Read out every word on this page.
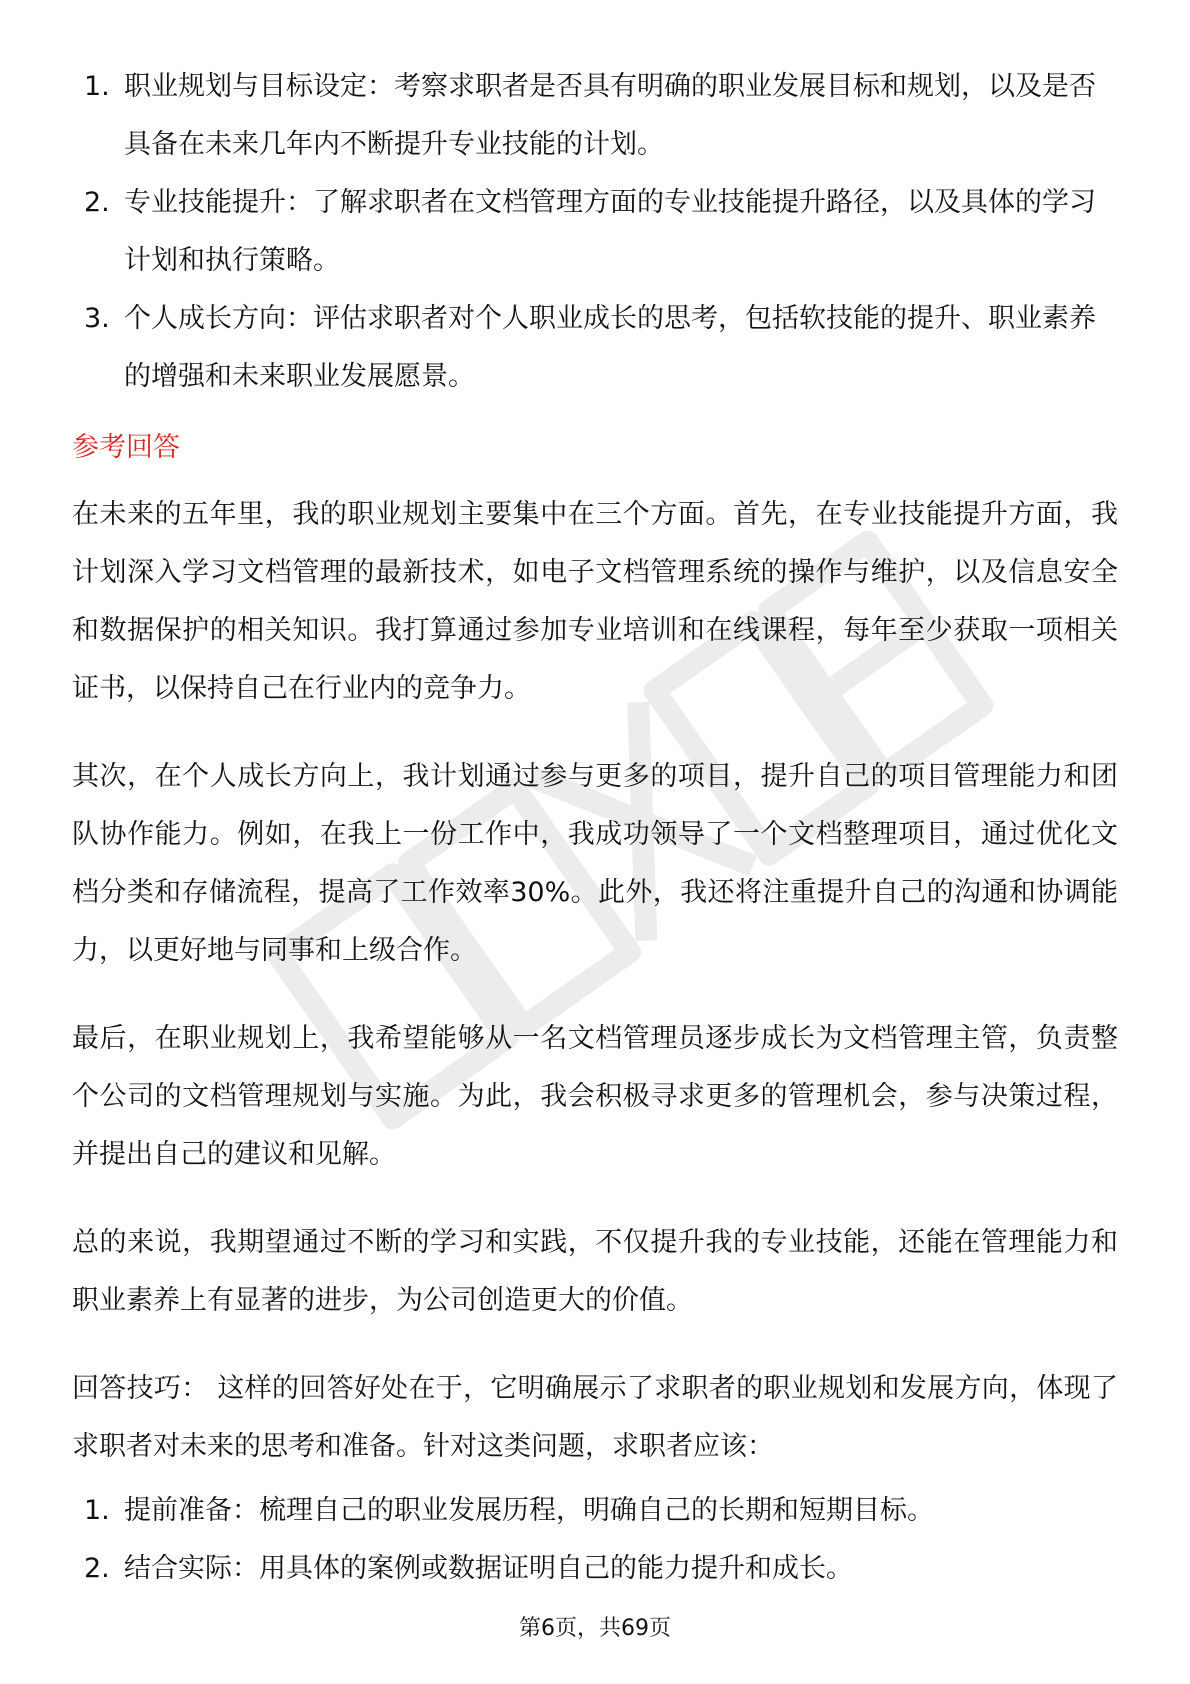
1. 职业规划与目标设定：考察求职者是否具有明确的职业发展目标和规划，以及是否具备在未来几年内不断提升专业技能的计划。
2. 专业技能提升：了解求职者在文档管理方面的专业技能提升路径，以及具体的学习计划和执行策略。
3. 个人成长方向：评估求职者对个人职业成长的思考，包括软技能的提升、职业素养的增强和未来职业发展愿景。
参考回答

在未来的五年里，我的职业规划主要集中在三个方面。首先，在专业技能提升方面，我计划深入学习文档管理的最新技术，如电子文档管理系统的操作与维护，以及信息安全和数据保护的相关知识。我打算通过参加专业培训和在线课程，每年至少获取一项相关证书，以保持自己在行业内的竞争力。

其次，在个人成长方向上，我计划通过参与更多的项目，提升自己的项目管理能力和团队协作能力。例如，在我上一份工作中，我成功领导了一个文档整理项目，通过优化文档分类和存储流程，提高了工作效率30%。此外，我还将注重提升自己的沟通和协调能力，以更好地与同事和上级合作。

最后，在职业规划上，我希望能够从一名文档管理员逐步成长为文档管理主管，负责整个公司的文档管理规划与实施。为此，我会积极寻求更多的管理机会，参与决策过程，并提出自己的建议和见解。

总的来说，我期望通过不断的学习和实践，不仅提升我的专业技能，还能在管理能力和职业素养上有显著的进步，为公司创造更大的价值。

回答技巧： 这样的回答好处在于，它明确展示了求职者的职业规划和发展方向，体现了求职者对未来的思考和准备。针对这类问题，求职者应该：

1. 提前准备：梳理自己的职业发展历程，明确自己的长期和短期目标。
2. 结合实际：用具体的案例或数据证明自己的能力提升和成长。
第6页，共69页
